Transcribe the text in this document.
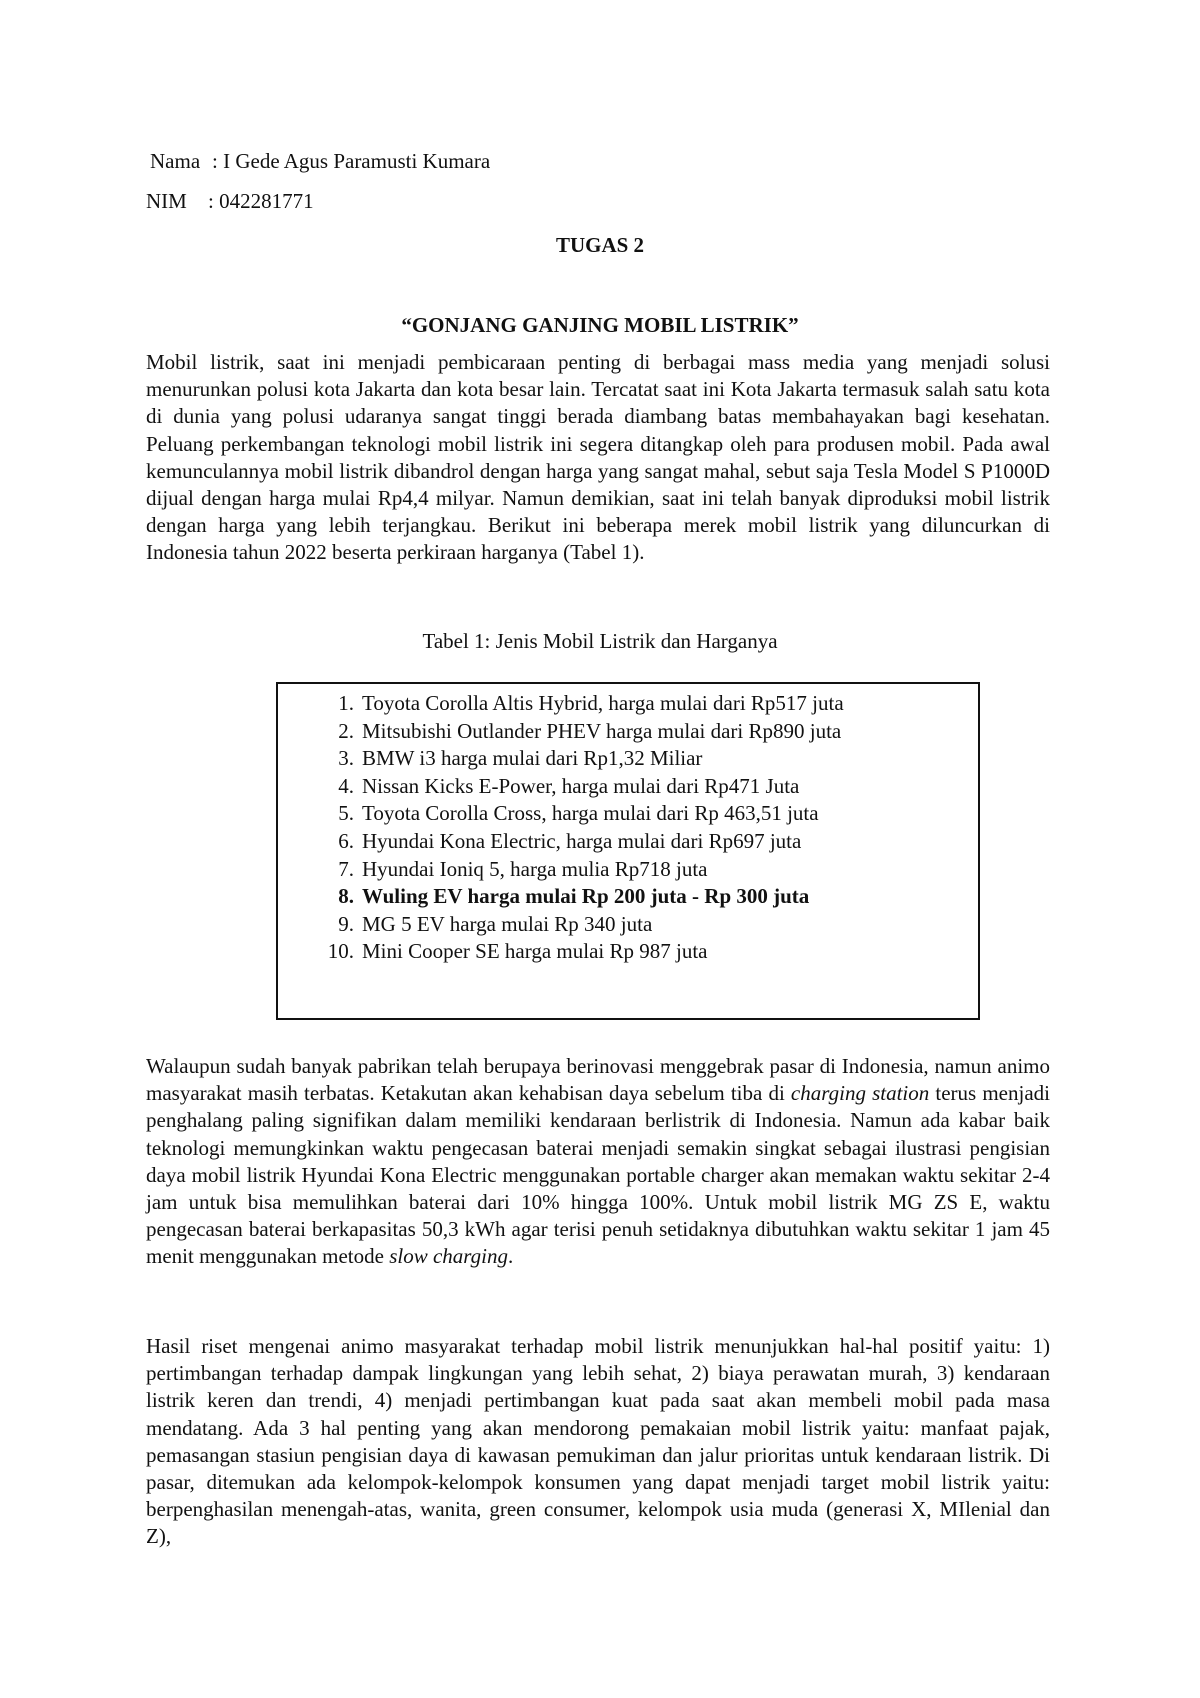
Nama : I Gede Agus Paramusti Kumara
NIM : 042281771
TUGAS 2
“GONJANG GANJING MOBIL LISTRIK”
Mobil listrik, saat ini menjadi pembicaraan penting di berbagai mass media yang menjadi solusi menurunkan polusi kota Jakarta dan kota besar lain. Tercatat saat ini Kota Jakarta termasuk salah satu kota di dunia yang polusi udaranya sangat tinggi berada diambang batas membahayakan bagi kesehatan. Peluang perkembangan teknologi mobil listrik ini segera ditangkap oleh para produsen mobil. Pada awal kemunculannya mobil listrik dibandrol dengan harga yang sangat mahal, sebut saja Tesla Model S P1000D dijual dengan harga mulai Rp4,4 milyar. Namun demikian, saat ini telah banyak diproduksi mobil listrik dengan harga yang lebih terjangkau. Berikut ini beberapa merek mobil listrik yang diluncurkan di Indonesia tahun 2022 beserta perkiraan harganya (Tabel 1).
Tabel 1: Jenis Mobil Listrik dan Harganya
1. Toyota Corolla Altis Hybrid, harga mulai dari Rp517 juta
2. Mitsubishi Outlander PHEV harga mulai dari Rp890 juta
3. BMW i3 harga mulai dari Rp1,32 Miliar
4. Nissan Kicks E-Power, harga mulai dari Rp471 Juta
5. Toyota Corolla Cross, harga mulai dari Rp 463,51 juta
6. Hyundai Kona Electric, harga mulai dari Rp697 juta
7. Hyundai Ioniq 5, harga mulia Rp718 juta
8. Wuling EV harga mulai Rp 200 juta - Rp 300 juta
9. MG 5 EV harga mulai Rp 340 juta
10. Mini Cooper SE harga mulai Rp 987 juta
Walaupun sudah banyak pabrikan telah berupaya berinovasi menggebrak pasar di Indonesia, namun animo masyarakat masih terbatas. Ketakutan akan kehabisan daya sebelum tiba di charging station terus menjadi penghalang paling signifikan dalam memiliki kendaraan berlistrik di Indonesia. Namun ada kabar baik teknologi memungkinkan waktu pengecasan baterai menjadi semakin singkat sebagai ilustrasi pengisian daya mobil listrik Hyundai Kona Electric menggunakan portable charger akan memakan waktu sekitar 2-4 jam untuk bisa memulihkan baterai dari 10% hingga 100%. Untuk mobil listrik MG ZS E, waktu pengecasan baterai berkapasitas 50,3 kWh agar terisi penuh setidaknya dibutuhkan waktu sekitar 1 jam 45 menit menggunakan metode slow charging.
Hasil riset mengenai animo masyarakat terhadap mobil listrik menunjukkan hal-hal positif yaitu: 1) pertimbangan terhadap dampak lingkungan yang lebih sehat, 2) biaya perawatan murah, 3) kendaraan listrik keren dan trendi, 4) menjadi pertimbangan kuat pada saat akan membeli mobil pada masa mendatang. Ada 3 hal penting yang akan mendorong pemakaian mobil listrik yaitu: manfaat pajak, pemasangan stasiun pengisian daya di kawasan pemukiman dan jalur prioritas untuk kendaraan listrik. Di pasar, ditemukan ada kelompok-kelompok konsumen yang dapat menjadi target mobil listrik yaitu: berpenghasilan menengah-atas, wanita, green consumer, kelompok usia muda (generasi X, MIlenial dan Z),
